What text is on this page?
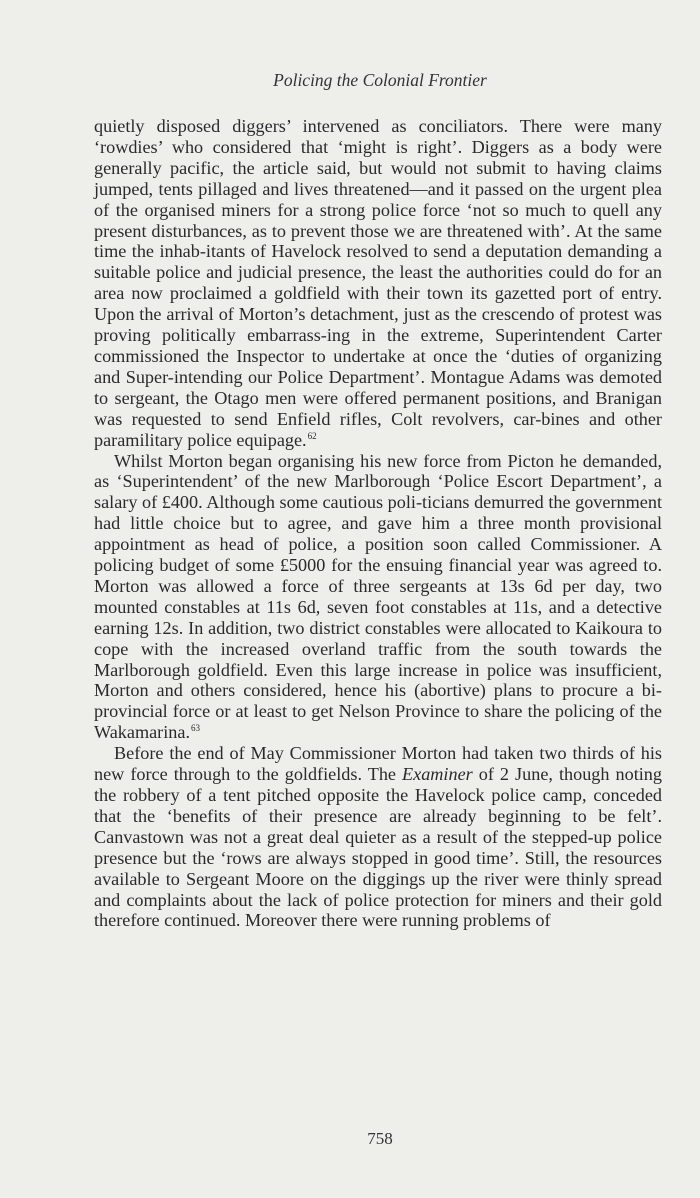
Policing the Colonial Frontier

quietly disposed diggers’ intervened as conciliators. There were many ‘rowdies’ who considered that ‘might is right’. Diggers as a body were generally pacific, the article said, but would not submit to having claims jumped, tents pillaged and lives threatened—and it passed on the urgent plea of the organised miners for a strong police force ‘not so much to quell any present disturbances, as to prevent those we are threatened with’. At the same time the inhab-itants of Havelock resolved to send a deputation demanding a suitable police and judicial presence, the least the authorities could do for an area now proclaimed a goldfield with their town its gazetted port of entry. Upon the arrival of Morton’s detachment, just as the crescendo of protest was proving politically embarrass-ing in the extreme, Superintendent Carter commissioned the Inspector to undertake at once the ‘duties of organizing and Super-intending our Police Department’. Montague Adams was demoted to sergeant, the Otago men were offered permanent positions, and Branigan was requested to send Enfield rifles, Colt revolvers, car-bines and other paramilitary police equipage.$^{62}$

Whilst Morton began organising his new force from Picton he demanded, as ‘Superintendent’ of the new Marlborough ‘Police Escort Department’, a salary of £400. Although some cautious poli-ticians demurred the government had little choice but to agree, and gave him a three month provisional appointment as head of police, a position soon called Commissioner. A policing budget of some £5000 for the ensuing financial year was agreed to. Morton was allowed a force of three sergeants at 13s 6d per day, two mounted constables at 11s 6d, seven foot constables at 11s, and a detective earning 12s. In addition, two district constables were allocated to Kaikoura to cope with the increased overland traffic from the south towards the Marlborough goldfield. Even this large increase in police was insufficient, Morton and others considered, hence his (abortive) plans to procure a bi-provincial force or at least to get Nelson Province to share the policing of the Wakamarina.$^{63}$

Before the end of May Commissioner Morton had taken two thirds of his new force through to the goldfields. The Examiner of 2 June, though noting the robbery of a tent pitched opposite the Havelock police camp, conceded that the ‘benefits of their presence are already beginning to be felt’. Canvastown was not a great deal quieter as a result of the stepped-up police presence but the ‘rows are always stopped in good time’. Still, the resources available to Sergeant Moore on the diggings up the river were thinly spread and complaints about the lack of police protection for miners and their gold therefore continued. Moreover there were running problems of

758
